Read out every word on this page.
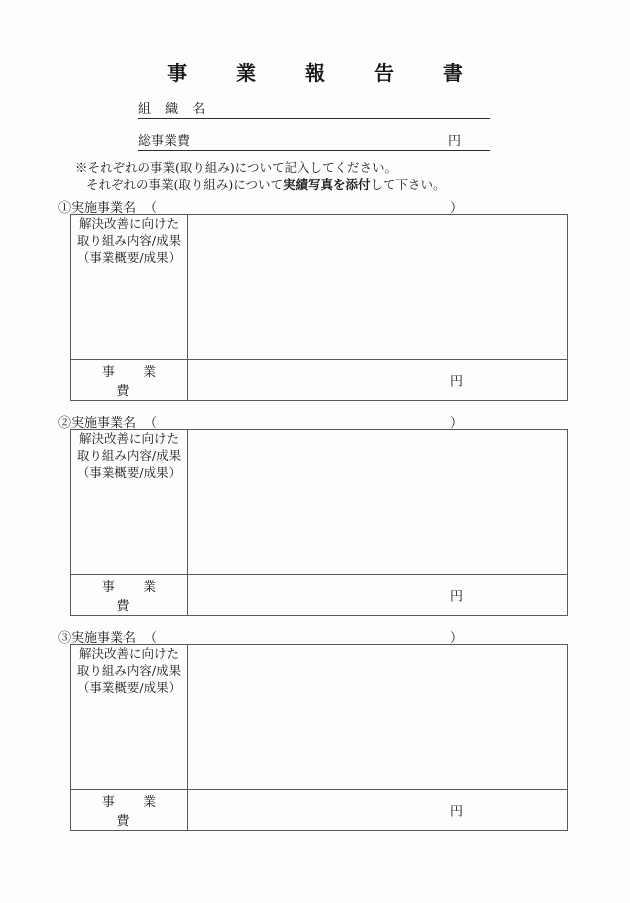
事 業 報 告 書
組 織 名
総事業費	円
※それぞれの事業(取り組み)について記入してください。
それぞれの事業(取り組み)について実績写真を添付して下さい。
①実施事業名 （	）
解決改善に向けた
取り組み内容/成果
（事業概要/成果）	

事 業 費	円
②実施事業名 （	）
解決改善に向けた
取り組み内容/成果
（事業概要/成果）	

事 業 費	円
③実施事業名 （	）
解決改善に向けた
取り組み内容/成果
（事業概要/成果）	

事 業 費	円
